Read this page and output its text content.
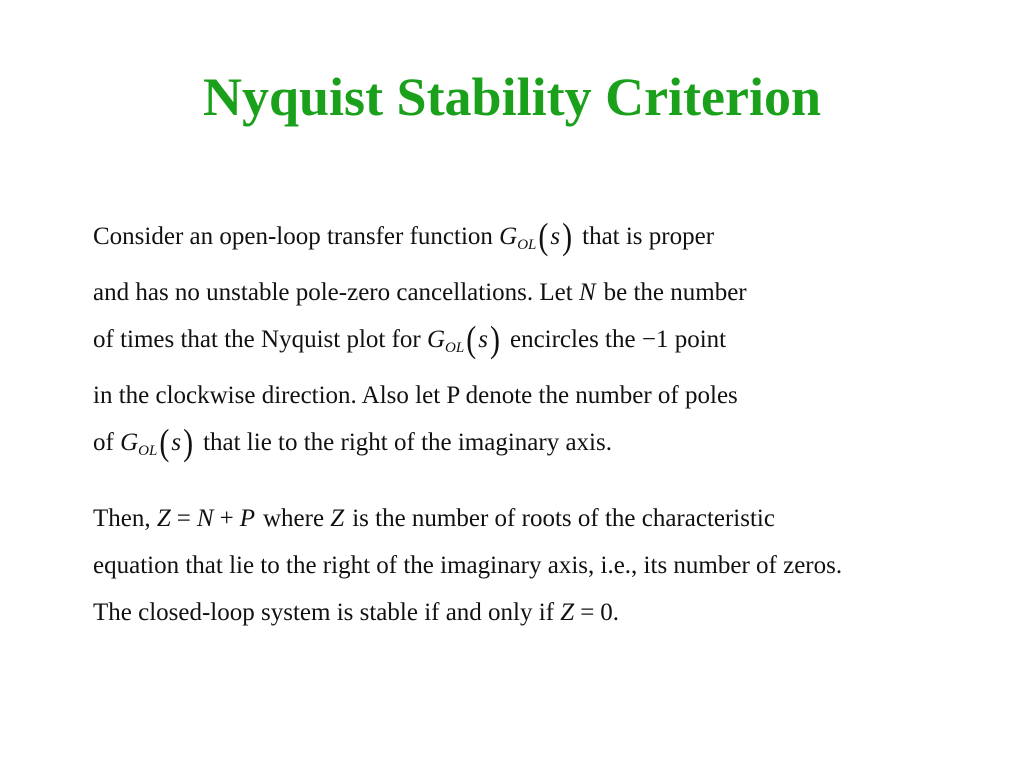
Nyquist Stability Criterion
Consider an open-loop transfer function $G_{OL}(s)$ that is proper
and has no unstable pole-zero cancellations. Let N be the number
of times that the Nyquist plot for $G_{OL}(s)$ encircles the −1 point
in the clockwise direction. Also let P denote the number of poles
of $G_{OL}(s)$ that lie to the right of the imaginary axis.
Then, Z = N + P where Z is the number of roots of the characteristic
equation that lie to the right of the imaginary axis, i.e., its number of zeros.
The closed-loop system is stable if and only if Z = 0.
